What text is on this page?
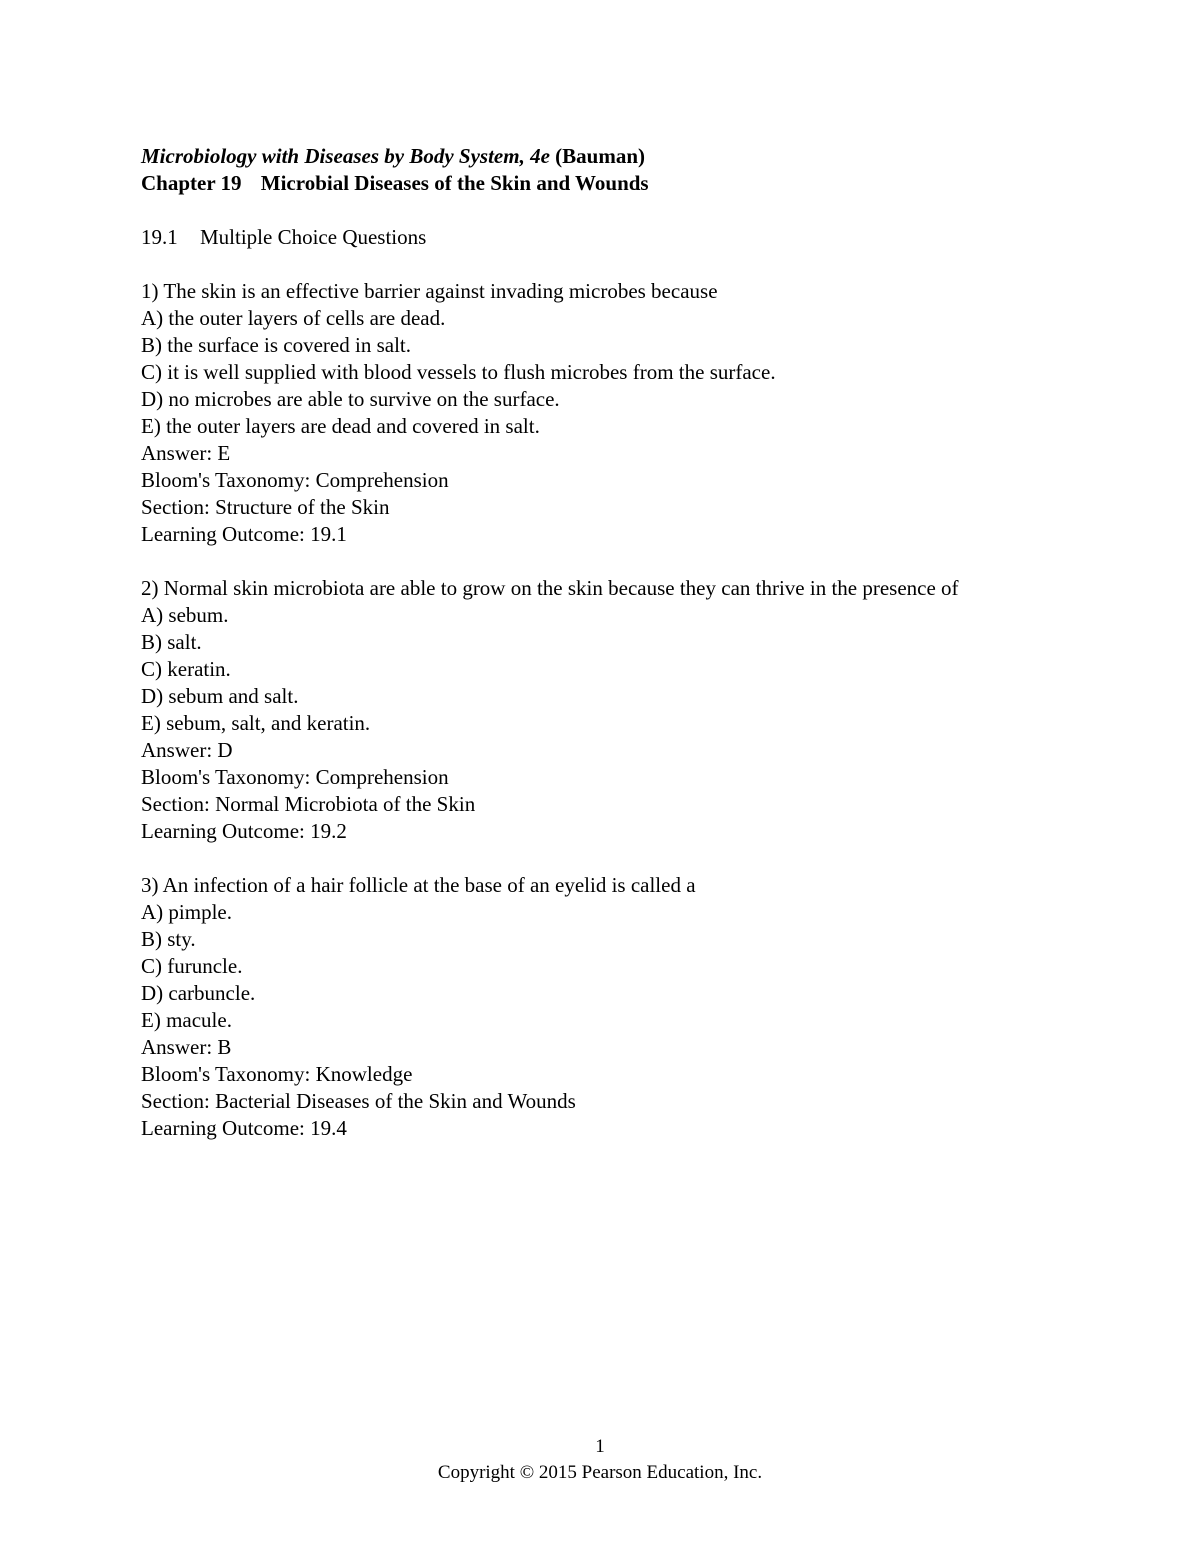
Microbiology with Diseases by Body System, 4e (Bauman)

Chapter 19 Microbial Diseases of the Skin and Wounds

19.1 Multiple Choice Questions

1) The skin is an effective barrier against invading microbes because

A) the outer layers of cells are dead.

B) the surface is covered in salt.

C) it is well supplied with blood vessels to flush microbes from the surface.

D) no microbes are able to survive on the surface.

E) the outer layers are dead and covered in salt.

Answer: E

Bloom's Taxonomy: Comprehension

Section: Structure of the Skin

Learning Outcome: 19.1

2) Normal skin microbiota are able to grow on the skin because they can thrive in the presence of

A) sebum.

B) salt.

C) keratin.

D) sebum and salt.

E) sebum, salt, and keratin.

Answer: D

Bloom's Taxonomy: Comprehension

Section: Normal Microbiota of the Skin

Learning Outcome: 19.2

3) An infection of a hair follicle at the base of an eyelid is called a

A) pimple.

B) sty.

C) furuncle.

D) carbuncle.

E) macule.

Answer: B

Bloom's Taxonomy: Knowledge

Section: Bacterial Diseases of the Skin and Wounds

Learning Outcome: 19.4

1
Copyright © 2015 Pearson Education, Inc.
